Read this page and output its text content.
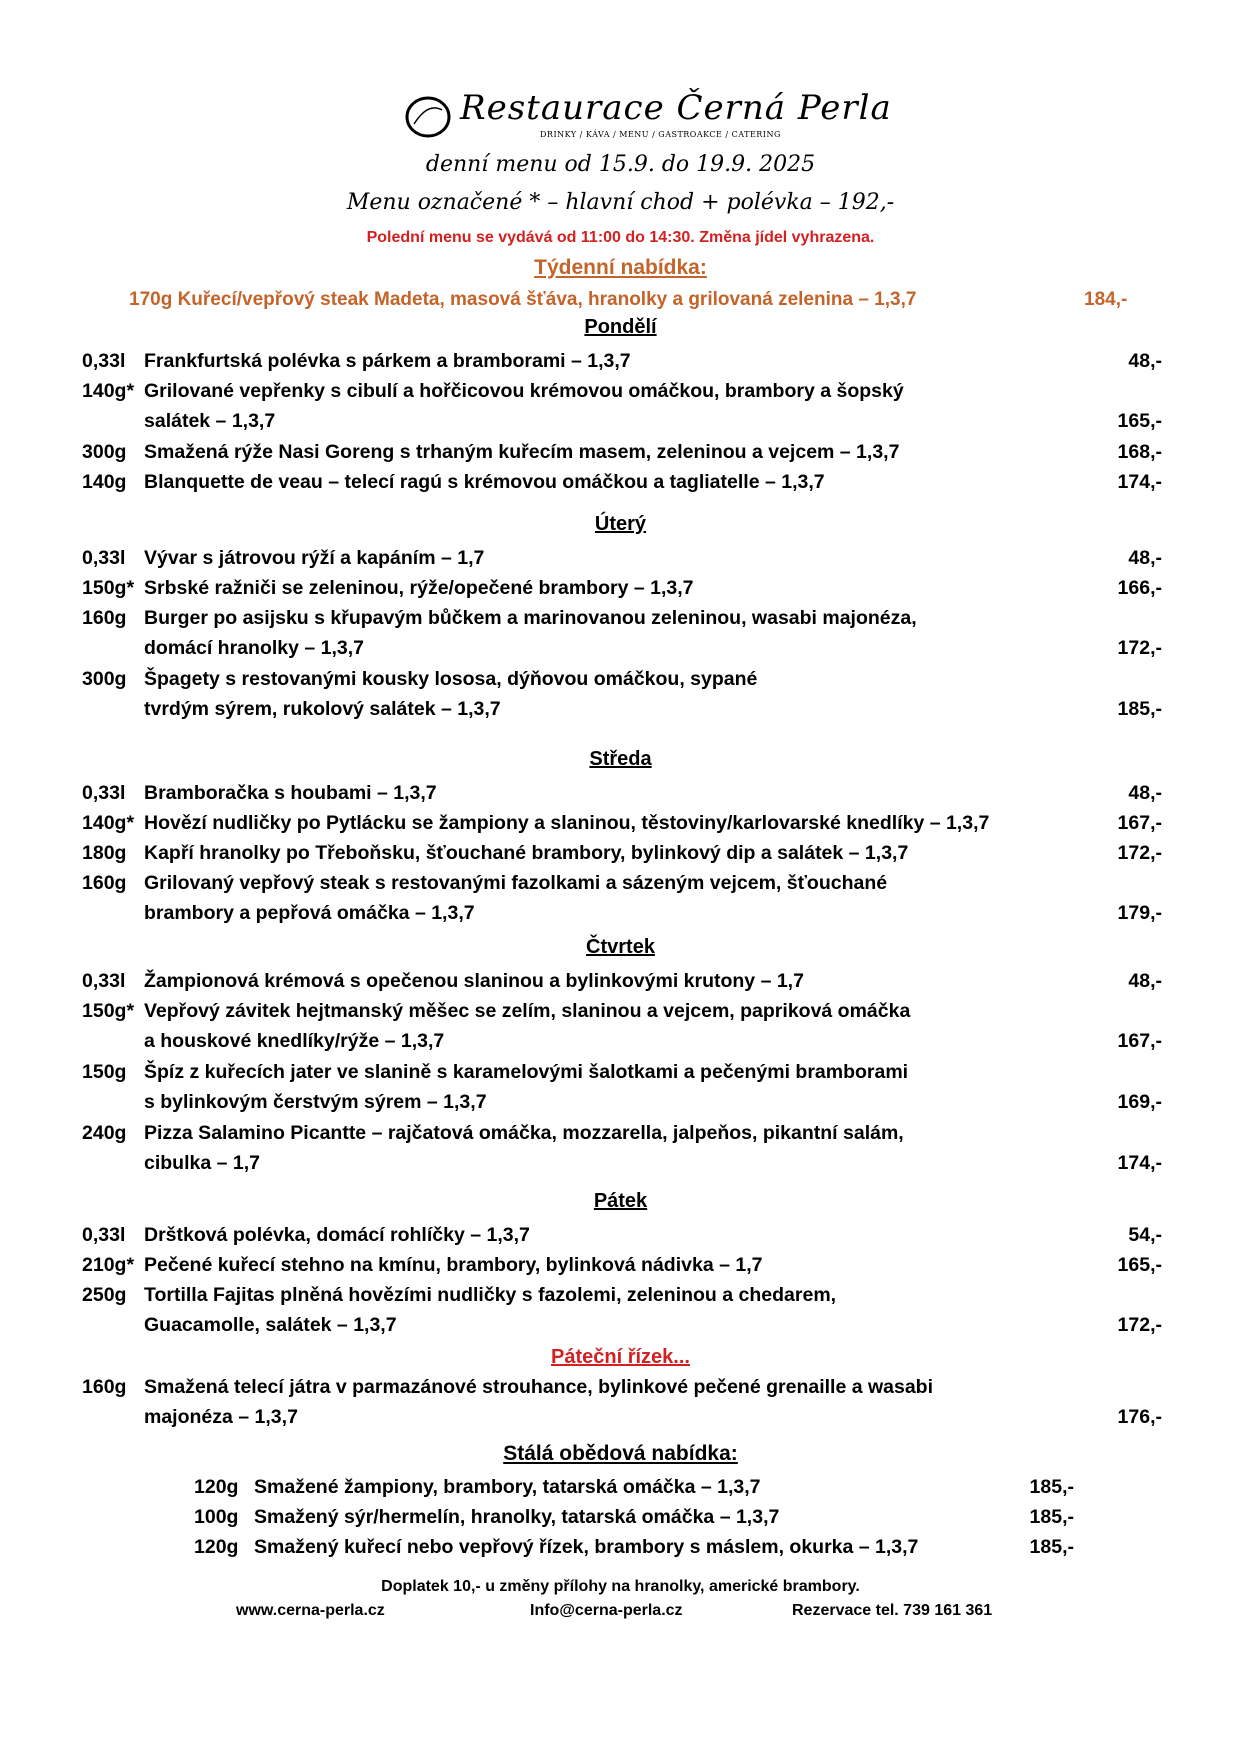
Restaurace Černá Perla
DRINKY / KÁVA / MENU / GASTROAKCE / CATERING
denní menu od 15.9. do 19.9. 2025
Menu označené * – hlavní chod + polévka – 192,-
Polední menu se vydává od 11:00 do 14:30. Změna jídel vyhrazena.
Týdenní nabídka:
170g Kuřecí/vepřový steak Madeta, masová šťáva, hranolky a grilovaná zelenina – 1,3,7	184,-
Pondělí
0,33l Frankfurtská polévka s párkem a bramborami – 1,3,7	48,-
140g* Grilované vepřenky s cibulí a hořčicovou krémovou omáčkou, brambory a šopský
salátek – 1,3,7	165,-
300g Smažená rýže Nasi Goreng s trhaným kuřecím masem, zeleninou a vejcem – 1,3,7	168,-
140g Blanquette de veau – telecí ragú s krémovou omáčkou a tagliatelle – 1,3,7	174,-
Úterý
0,33l Vývar s játrovou rýží a kapáním – 1,7	48,-
150g* Srbské ražniči se zeleninou, rýže/opečené brambory – 1,3,7	166,-
160g Burger po asijsku s křupavým bůčkem a marinovanou zeleninou, wasabi majonéza,
domácí hranolky – 1,3,7	172,-
300g Špagety s restovanými kousky lososa, dýňovou omáčkou, sypané
tvrdým sýrem, rukolový salátek – 1,3,7	185,-
Středa
0,33l Bramboračka s houbami – 1,3,7	48,-
140g* Hovězí nudličky po Pytlácku se žampiony a slaninou, těstoviny/karlovarské knedlíky – 1,3,7	167,-
180g Kapří hranolky po Třeboňsku, šťouchané brambory, bylinkový dip a salátek – 1,3,7	172,-
160g Grilovaný vepřový steak s restovanými fazolkami a sázeným vejcem, šťouchané
brambory a pepřová omáčka – 1,3,7	179,-
Čtvrtek
0,33l Žampionová krémová s opečenou slaninou a bylinkovými krutony – 1,7	48,-
150g* Vepřový závitek hejtmanský měšec se zelím, slaninou a vejcem, papriková omáčka
a houskové knedlíky/rýže – 1,3,7	167,-
150g Špíz z kuřecích jater ve slanině s karamelovými šalotkami a pečenými bramborami
s bylinkovým čerstvým sýrem – 1,3,7	169,-
240g Pizza Salamino Picantte – rajčatová omáčka, mozzarella, jalpeňos, pikantní salám,
cibulka – 1,7	174,-
Pátek
0,33l Drštková polévka, domácí rohlíčky – 1,3,7	54,-
210g* Pečené kuřecí stehno na kmínu, brambory, bylinková nádivka – 1,7	165,-
250g Tortilla Fajitas plněná hovězími nudličky s fazolemi, zeleninou a chedarem,
Guacamolle, salátek – 1,3,7	172,-
Páteční řízek...
160g Smažená telecí játra v parmazánové strouhance, bylinkové pečené grenaille a wasabi
majonéza – 1,3,7	176,-
Stálá obědová nabídka:
120g Smažené žampiony, brambory, tatarská omáčka – 1,3,7	185,-
100g Smažený sýr/hermelín, hranolky, tatarská omáčka – 1,3,7	185,-
120g Smažený kuřecí nebo vepřový řízek, brambory s máslem, okurka – 1,3,7	185,-
Doplatek 10,- u změny přílohy na hranolky, americké brambory.
www.cerna-perla.cz	Info@cerna-perla.cz	Rezervace tel. 739 161 361
